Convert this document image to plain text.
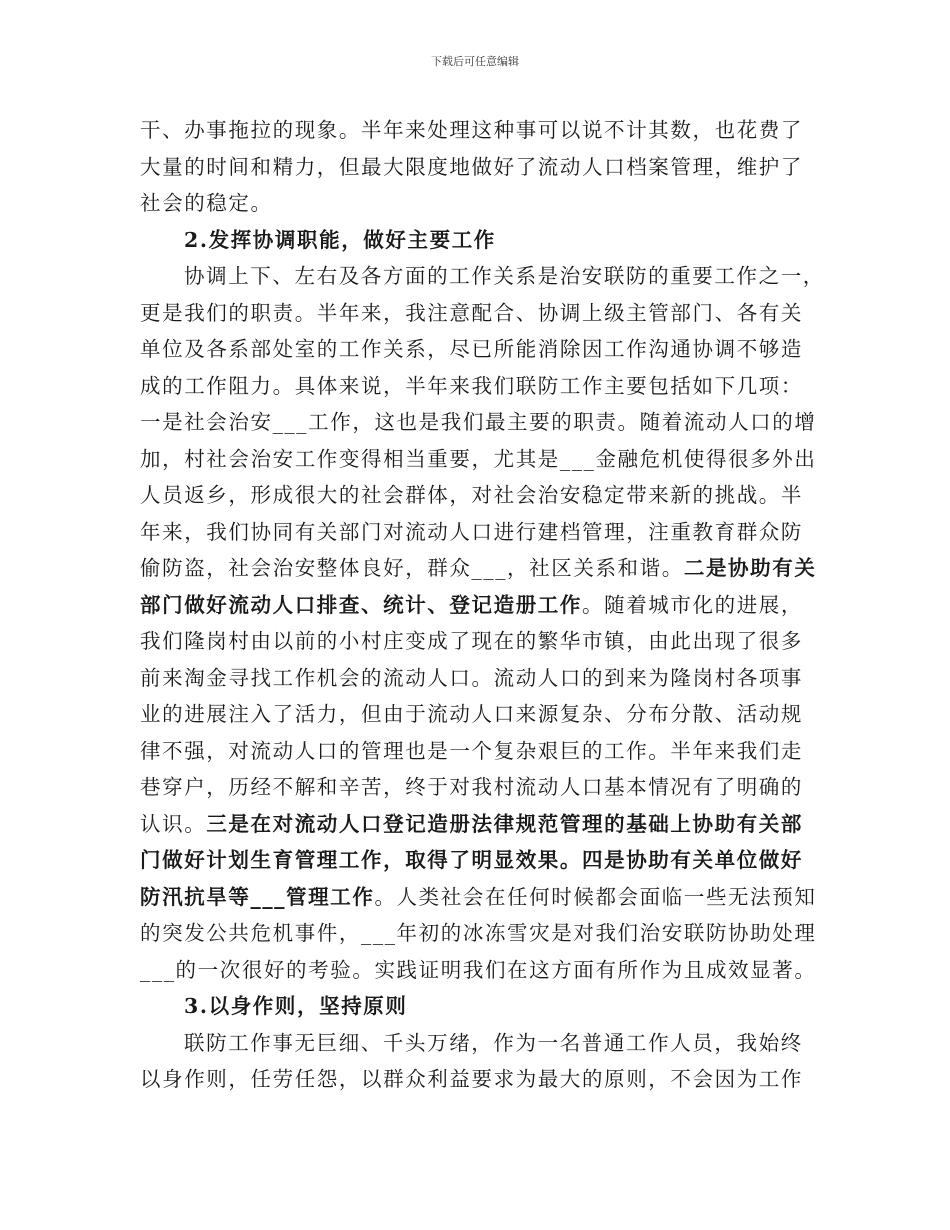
下载后可任意编辑
干、办事拖拉的现象。半年来处理这种事可以说不计其数，也花费了
大量的时间和精力，但最大限度地做好了流动人口档案管理，维护了
社会的稳定。
2.发挥协调职能，做好主要工作
协调上下、左右及各方面的工作关系是治安联防的重要工作之一，
更是我们的职责。半年来，我注意配合、协调上级主管部门、各有关
单位及各系部处室的工作关系，尽已所能消除因工作沟通协调不够造
成的工作阻力。具体来说，半年来我们联防工作主要包括如下几项：
一是社会治安___工作，这也是我们最主要的职责。随着流动人口的增
加，村社会治安工作变得相当重要，尤其是___金融危机使得很多外出
人员返乡，形成很大的社会群体，对社会治安稳定带来新的挑战。半
年来，我们协同有关部门对流动人口进行建档管理，注重教育群众防
偷防盗，社会治安整体良好，群众___，社区关系和谐。二是协助有关
部门做好流动人口排查、统计、登记造册工作。随着城市化的进展，
我们隆岗村由以前的小村庄变成了现在的繁华市镇，由此出现了很多
前来淘金寻找工作机会的流动人口。流动人口的到来为隆岗村各项事
业的进展注入了活力，但由于流动人口来源复杂、分布分散、活动规
律不强，对流动人口的管理也是一个复杂艰巨的工作。半年来我们走
巷穿户，历经不解和辛苦，终于对我村流动人口基本情况有了明确的
认识。三是在对流动人口登记造册法律规范管理的基础上协助有关部
门做好计划生育管理工作，取得了明显效果。四是协助有关单位做好
防汛抗旱等___管理工作。人类社会在任何时候都会面临一些无法预知
的突发公共危机事件，___年初的冰冻雪灾是对我们治安联防协助处理
___的一次很好的考验。实践证明我们在这方面有所作为且成效显著。
3.以身作则，坚持原则
联防工作事无巨细、千头万绪，作为一名普通工作人员，我始终
以身作则，任劳任怨，以群众利益要求为最大的原则，不会因为工作
